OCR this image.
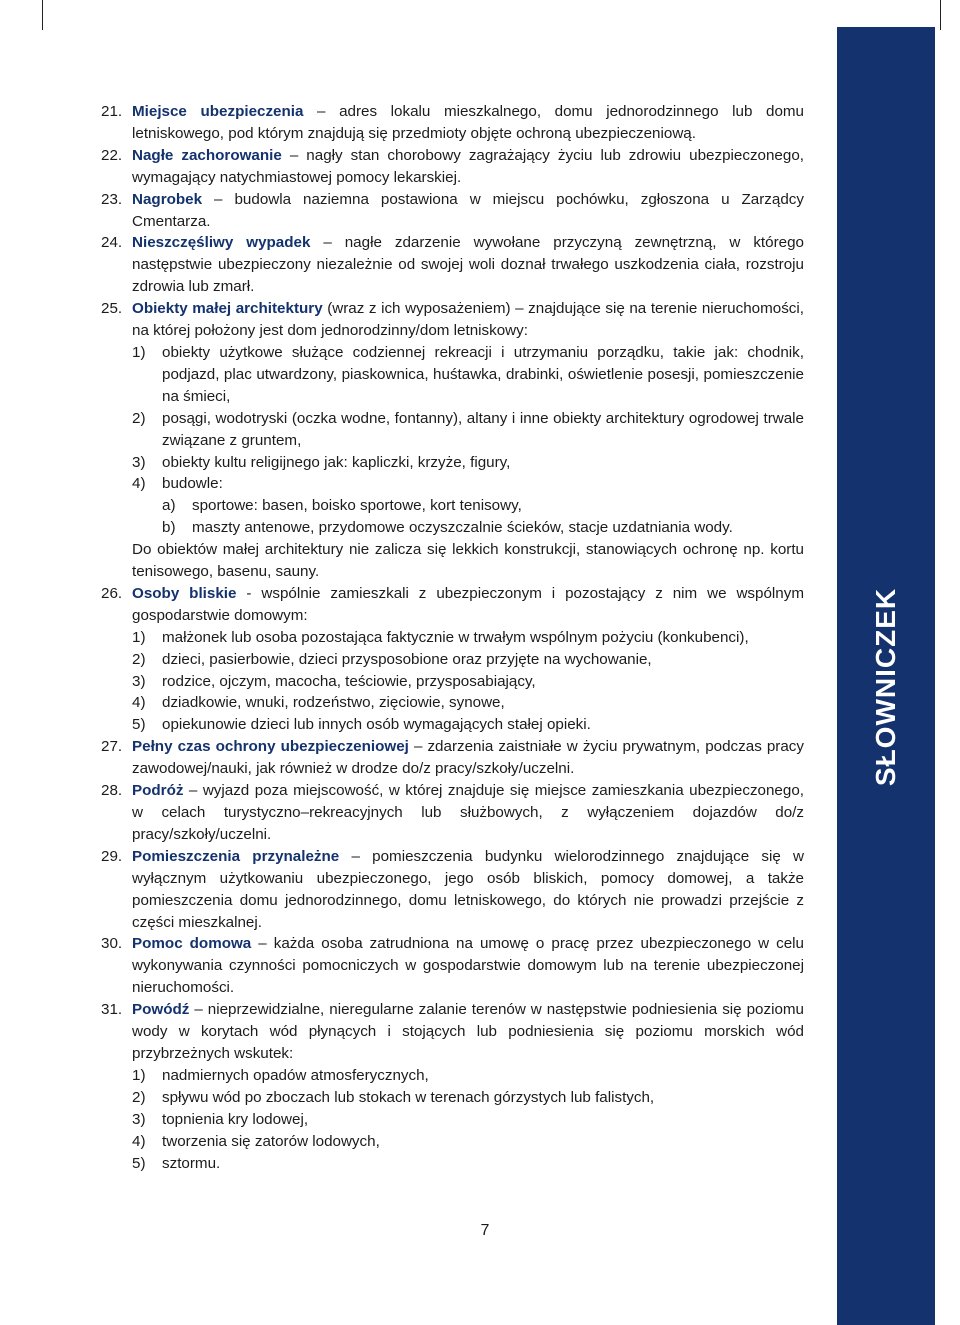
SŁOWNICZEK
21. Miejsce ubezpieczenia – adres lokalu mieszkalnego, domu jednorodzinnego lub domu letniskowego, pod którym znajdują się przedmioty objęte ochroną ubezpieczeniową.
22. Nagłe zachorowanie – nagły stan chorobowy zagrażający życiu lub zdrowiu ubezpieczonego, wymagający natychmiastowej pomocy lekarskiej.
23. Nagrobek – budowla naziemna postawiona w miejscu pochówku, zgłoszona u Zarządcy Cmentarza.
24. Nieszczęśliwy wypadek – nagłe zdarzenie wywołane przyczyną zewnętrzną, w którego następstwie ubezpieczony niezależnie od swojej woli doznał trwałego uszkodzenia ciała, rozstroju zdrowia lub zmarł.
25. Obiekty małej architektury (wraz z ich wyposażeniem) – znajdujące się na terenie nieruchomości, na której położony jest dom jednorodzinny/dom letniskowy:
1) obiekty użytkowe służące codziennej rekreacji i utrzymaniu porządku, takie jak: chodnik, podjazd, plac utwardzony, piaskownica, huśtawka, drabinki, oświetlenie posesji, pomieszczenie na śmieci,
2) posągi, wodotryski (oczka wodne, fontanny), altany i inne obiekty architektury ogrodowej trwale związane z gruntem,
3) obiekty kultu religijnego jak: kapliczki, krzyże, figury,
4) budowle:
a) sportowe: basen, boisko sportowe, kort tenisowy,
b) maszty antenowe, przydomowe oczyszczalnie ścieków, stacje uzdatniania wody.
Do obiektów małej architektury nie zalicza się lekkich konstrukcji, stanowiących ochronę np. kortu tenisowego, basenu, sauny.
26. Osoby bliskie - wspólnie zamieszkali z ubezpieczonym i pozostający z nim we wspólnym gospodarstwie domowym:
1) małżonek lub osoba pozostająca faktycznie w trwałym wspólnym pożyciu (konkubenci),
2) dzieci, pasierbowie, dzieci przysposobione oraz przyjęte na wychowanie,
3) rodzice, ojczym, macocha, teściowie, przysposabiający,
4) dziadkowie, wnuki, rodzeństwo, zięciowie, synowe,
5) opiekunowie dzieci lub innych osób wymagających stałej opieki.
27. Pełny czas ochrony ubezpieczeniowej – zdarzenia zaistniałe w życiu prywatnym, podczas pracy zawodowej/nauki, jak również w drodze do/z pracy/szkoły/uczelni.
28. Podróż – wyjazd poza miejscowość, w której znajduje się miejsce zamieszkania ubezpieczonego, w celach turystyczno–rekreacyjnych lub służbowych, z wyłączeniem dojazdów do/z pracy/szkoły/uczelni.
29. Pomieszczenia przynależne – pomieszczenia budynku wielorodzinnego znajdujące się w wyłącznym użytkowaniu ubezpieczonego, jego osób bliskich, pomocy domowej, a także pomieszczenia domu jednorodzinnego, domu letniskowego, do których nie prowadzi przejście z części mieszkalnej.
30. Pomoc domowa – każda osoba zatrudniona na umowę o pracę przez ubezpieczonego w celu wykonywania czynności pomocniczych w gospodarstwie domowym lub na terenie ubezpieczonej nieruchomości.
31. Powódź – nieprzewidzialne, nieregularne zalanie terenów w następstwie podniesienia się poziomu wody w korytach wód płynących i stojących lub podniesienia się poziomu morskich wód przybrzeżnych wskutek:
1) nadmiernych opadów atmosferycznych,
2) spływu wód po zboczach lub stokach w terenach górzystych lub falistych,
3) topnienia kry lodowej,
4) tworzenia się zatorów lodowych,
5) sztormu.
7
